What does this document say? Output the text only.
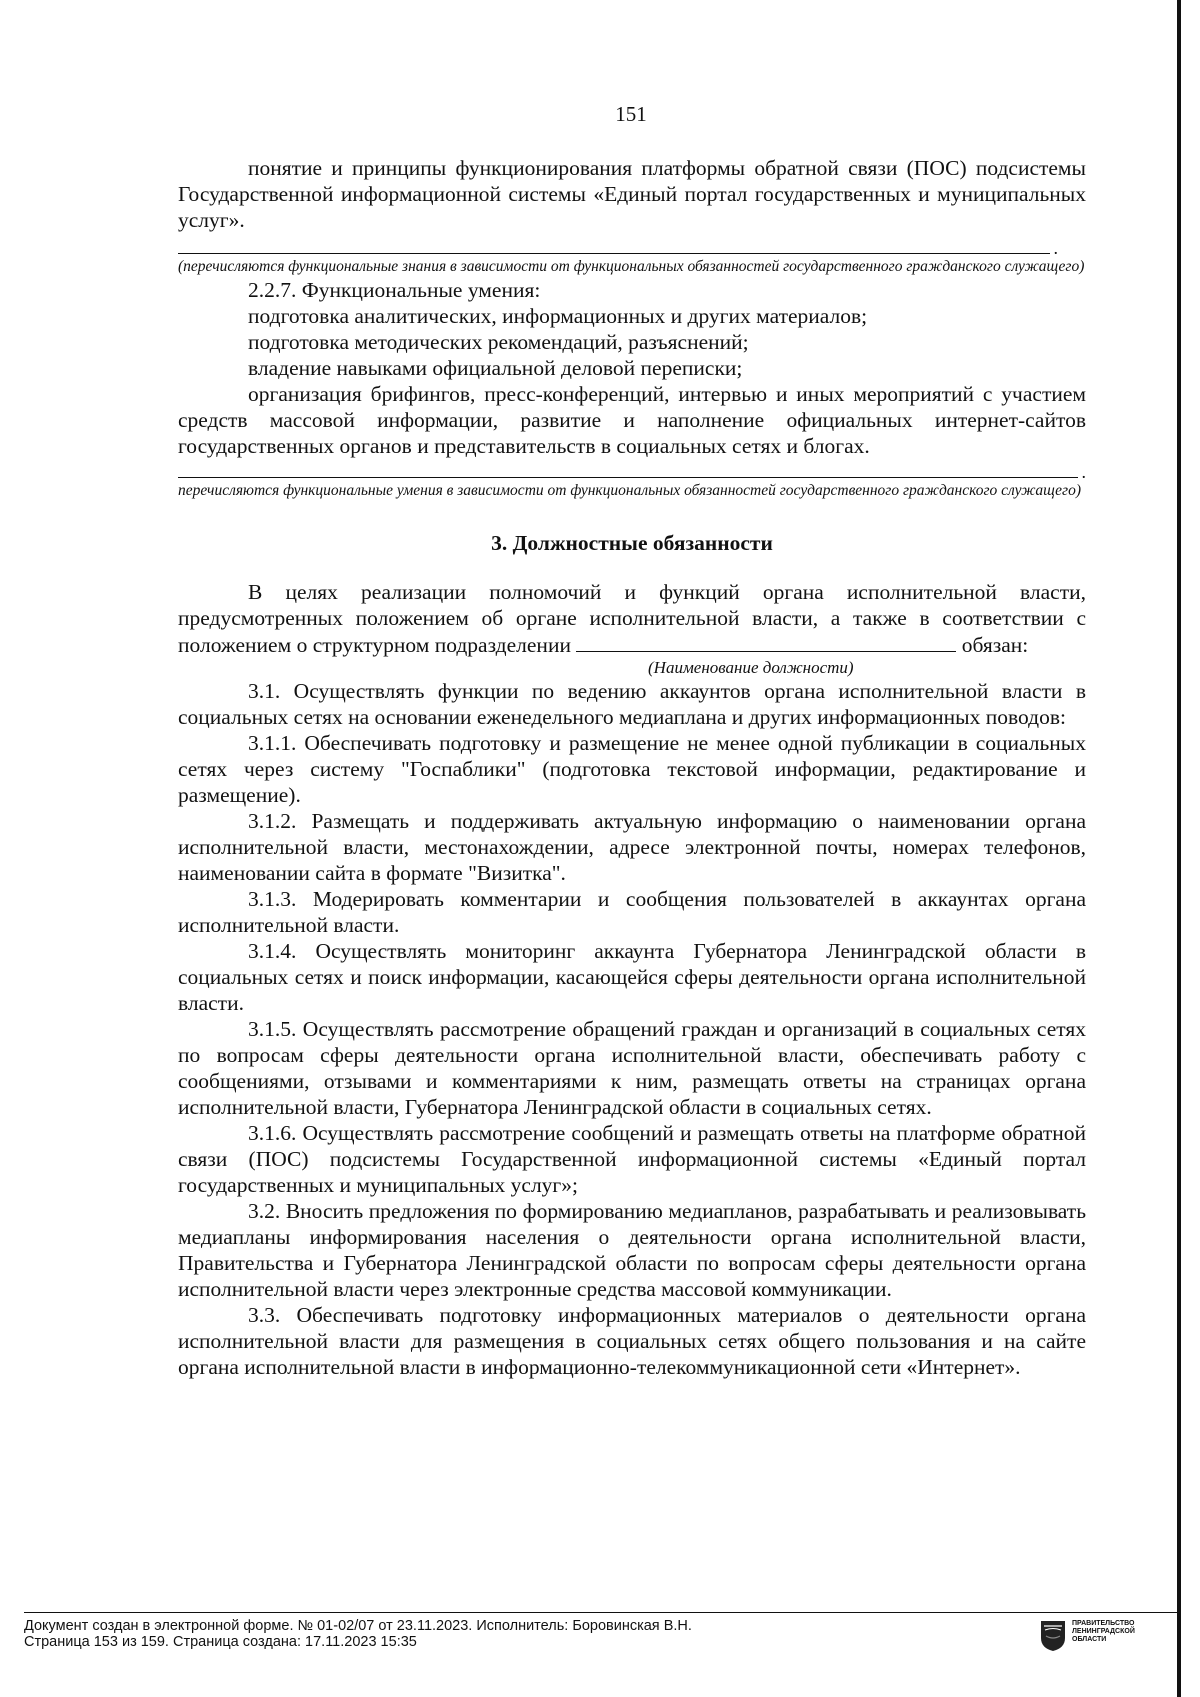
151

понятие и принципы функционирования платформы обратной связи (ПОС) подсистемы Государственной информационной системы «Единый портал государственных и муниципальных услуг».

.

(перечисляются функциональные знания в зависимости от функциональных обязанностей государственного гражданского служащего)

2.2.7. Функциональные умения:

подготовка аналитических, информационных и других материалов;

подготовка методических рекомендаций, разъяснений;

владение навыками официальной деловой переписки;

организация брифингов, пресс-конференций, интервью и иных мероприятий с участием средств массовой информации, развитие и наполнение официальных интернет-сайтов государственных органов и представительств в социальных сетях и блогах.

.

перечисляются функциональные умения в зависимости от функциональных обязанностей государственного гражданского служащего)

3. Должностные обязанности

В целях реализации полномочий и функций органа исполнительной власти, предусмотренных положением об органе исполнительной власти, а также в соответствии с положением о структурном подразделении	обязан:

(Наименование должности)

3.1. Осуществлять функции по ведению аккаунтов органа исполнительной власти в социальных сетях на основании еженедельного медиаплана и других информационных поводов:

3.1.1. Обеспечивать подготовку и размещение не менее одной публикации в социальных сетях через систему "Госпаблики" (подготовка текстовой информации, редактирование и размещение).

3.1.2. Размещать и поддерживать актуальную информацию о наименовании органа исполнительной власти, местонахождении, адресе электронной почты, номерах телефонов, наименовании сайта в формате "Визитка".

3.1.3. Модерировать комментарии и сообщения пользователей в аккаунтах органа исполнительной власти.

3.1.4. Осуществлять мониторинг аккаунта Губернатора Ленинградской области в социальных сетях и поиск информации, касающейся сферы деятельности органа исполнительной власти.

3.1.5. Осуществлять рассмотрение обращений граждан и организаций в социальных сетях по вопросам сферы деятельности органа исполнительной власти, обеспечивать работу с сообщениями, отзывами и комментариями к ним, размещать ответы на страницах органа исполнительной власти, Губернатора Ленинградской области в социальных сетях.

3.1.6. Осуществлять рассмотрение сообщений и размещать ответы на платформе обратной связи (ПОС) подсистемы Государственной информационной системы «Единый портал государственных и муниципальных услуг»;

3.2. Вносить предложения по формированию медиапланов, разрабатывать и реализовывать медиапланы информирования населения о деятельности органа исполнительной власти, Правительства и Губернатора Ленинградской области по вопросам сферы деятельности органа исполнительной власти через электронные средства массовой коммуникации.

3.3. Обеспечивать подготовку информационных материалов о деятельности органа исполнительной власти для размещения в социальных сетях общего пользования и на сайте органа исполнительной власти в информационно-телекоммуникационной сети «Интернет».

Документ создан в электронной форме. № 01-02/07 от 23.11.2023. Исполнитель: Боровинская В.Н.
Страница 153 из 159. Страница создана: 17.11.2023 15:35
ПРАВИТЕЛЬСТВО ЛЕНИНГРАДСКОЙ ОБЛАСТИ
